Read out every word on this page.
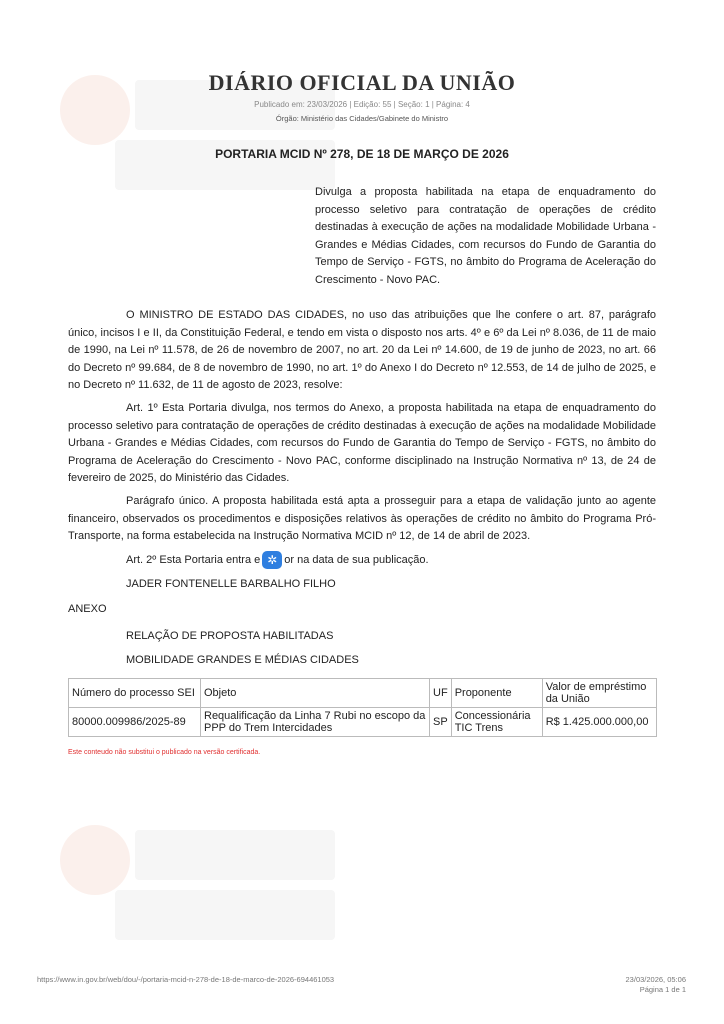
DIÁRIO OFICIAL DA UNIÃO
Publicado em: 23/03/2026 | Edição: 55 | Seção: 1 | Página: 4
Órgão: Ministério das Cidades/Gabinete do Ministro
PORTARIA MCID Nº 278, DE 18 DE MARÇO DE 2026
Divulga a proposta habilitada na etapa de enquadramento do processo seletivo para contratação de operações de crédito destinadas à execução de ações na modalidade Mobilidade Urbana - Grandes e Médias Cidades, com recursos do Fundo de Garantia do Tempo de Serviço - FGTS, no âmbito do Programa de Aceleração do Crescimento - Novo PAC.

O MINISTRO DE ESTADO DAS CIDADES, no uso das atribuições que lhe confere o art. 87, parágrafo único, incisos I e II, da Constituição Federal, e tendo em vista o disposto nos arts. 4º e 6º da Lei nº 8.036, de 11 de maio de 1990, na Lei nº 11.578, de 26 de novembro de 2007, no art. 20 da Lei nº 14.600, de 19 de junho de 2023, no art. 66 do Decreto nº 99.684, de 8 de novembro de 1990, no art. 1º do Anexo I do Decreto nº 12.553, de 14 de julho de 2025, e no Decreto nº 11.632, de 11 de agosto de 2023, resolve:

Art. 1º Esta Portaria divulga, nos termos do Anexo, a proposta habilitada na etapa de enquadramento do processo seletivo para contratação de operações de crédito destinadas à execução de ações na modalidade Mobilidade Urbana - Grandes e Médias Cidades, com recursos do Fundo de Garantia do Tempo de Serviço - FGTS, no âmbito do Programa de Aceleração do Crescimento - Novo PAC, conforme disciplinado na Instrução Normativa nº 13, de 24 de fevereiro de 2025, do Ministério das Cidades.

Parágrafo único. A proposta habilitada está apta a prosseguir para a etapa de validação junto ao agente financeiro, observados os procedimentos e disposições relativos às operações de crédito no âmbito do Programa Pró-Transporte, na forma estabelecida na Instrução Normativa MCID nº 12, de 14 de abril de 2023.

Art. 2º Esta Portaria entra e ✲ or na data de sua publicação.

JADER FONTENELLE BARBALHO FILHO

ANEXO

RELAÇÃO DE PROPOSTA HABILITADAS

MOBILIDADE GRANDES E MÉDIAS CIDADES

Número do processo SEI	Objeto	UF	Proponente	Valor de empréstimo da União
80000.009986/2025-89	Requalificação da Linha 7 Rubi no escopo da PPP do Trem Intercidades	SP	Concessionária TIC Trens	R$ 1.425.000.000,00
Este conteudo não substitui o publicado na versão certificada.
https://www.in.gov.br/web/dou/-/portaria-mcid-n-278-de-18-de-marco-de-2026-694461053	23/03/2026, 05:06
Página 1 de 1
